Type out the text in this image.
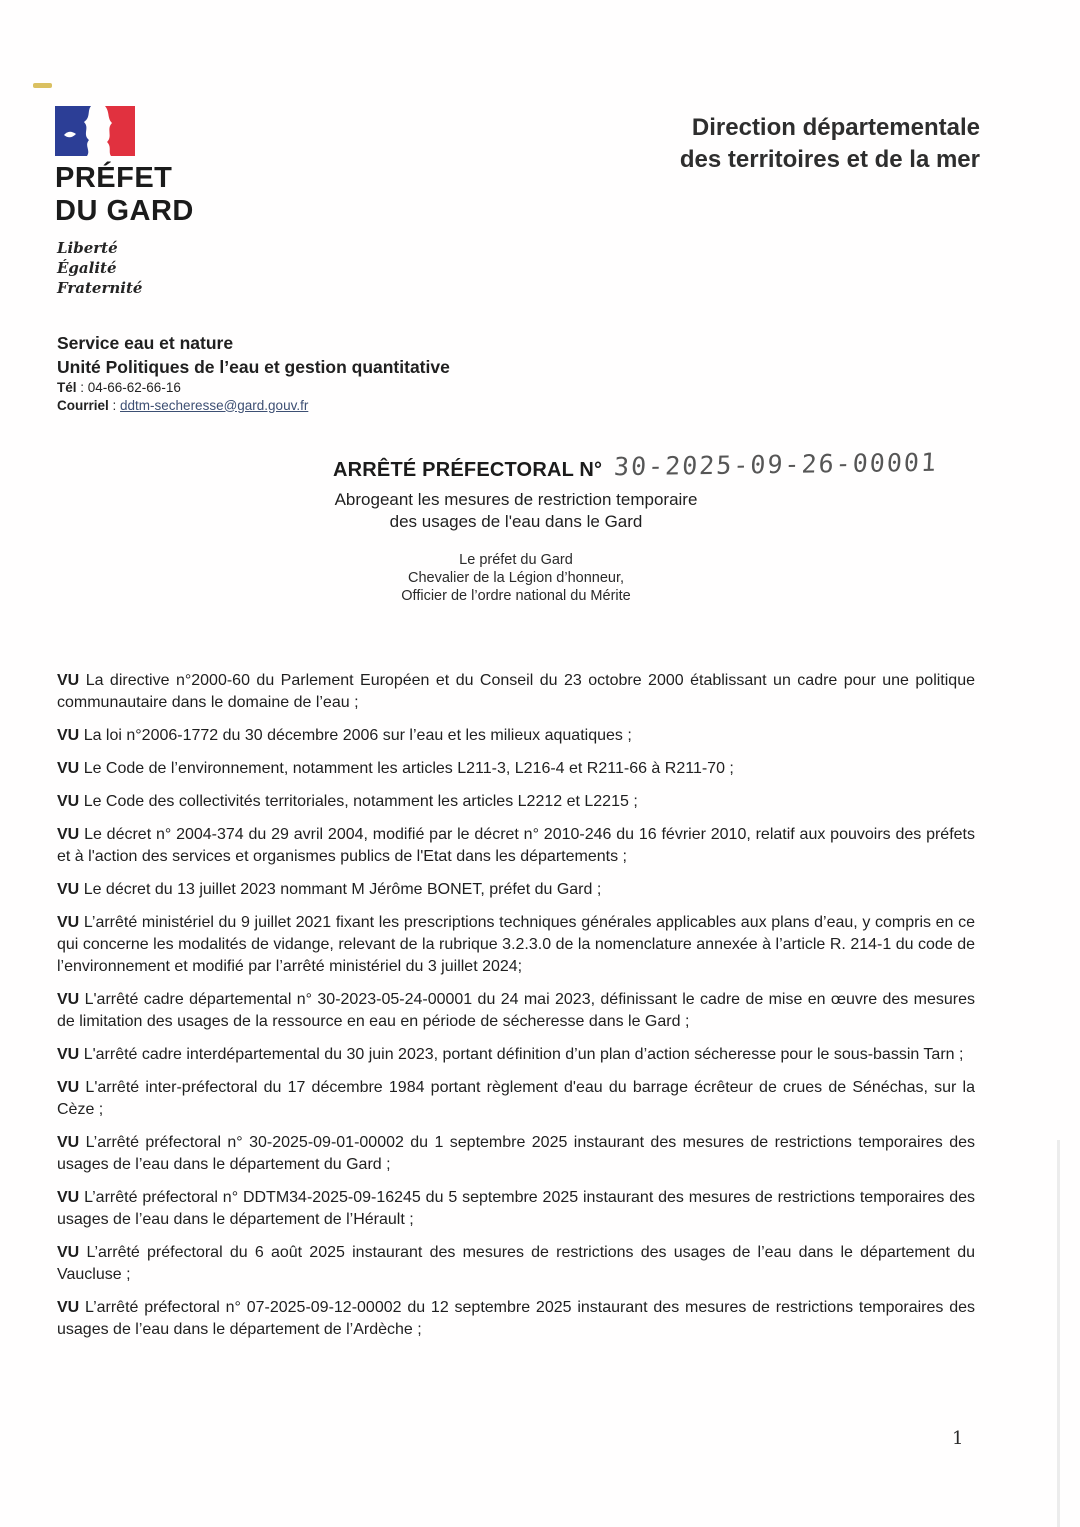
PRÉFET
DU GARD
Liberté
Égalité
Fraternité
Direction départementale
des territoires et de la mer
Service eau et nature
Unité Politiques de l’eau et gestion quantitative
Tél : 04-66-62-66-16
Courriel : ddtm-secheresse@gard.gouv.fr
ARRÊTÉ PRÉFECTORAL N° 30-2025-09-26-00001
Abrogeant les mesures de restriction temporaire
des usages de l'eau dans le Gard
Le préfet du Gard
Chevalier de la Légion d’honneur,
Officier de l’ordre national du Mérite

VU La directive n°2000-60 du Parlement Européen et du Conseil du 23 octobre 2000 établissant un cadre pour une politique communautaire dans le domaine de l’eau ;

VU La loi n°2006-1772 du 30 décembre 2006 sur l’eau et les milieux aquatiques ;

VU Le Code de l’environnement, notamment les articles L211-3, L216-4 et R211-66 à R211-70 ;

VU Le Code des collectivités territoriales, notamment les articles L2212 et L2215 ;

VU Le décret n° 2004-374 du 29 avril 2004, modifié par le décret n° 2010-246 du 16 février 2010, relatif aux pouvoirs des préfets et à l'action des services et organismes publics de l'Etat dans les départements ;

VU Le décret du 13 juillet 2023 nommant M Jérôme BONET, préfet du Gard ;

VU L’arrêté ministériel du 9 juillet 2021 fixant les prescriptions techniques générales applicables aux plans d’eau, y compris en ce qui concerne les modalités de vidange, relevant de la rubrique 3.2.3.0 de la nomenclature annexée à l’article R. 214-1 du code de l’environnement et modifié par l’arrêté ministériel du 3 juillet 2024;

VU L'arrêté cadre départemental n° 30-2023-05-24-00001 du 24 mai 2023, définissant le cadre de mise en œuvre des mesures de limitation des usages de la ressource en eau en période de sécheresse dans le Gard ;

VU L'arrêté cadre interdépartemental du 30 juin 2023, portant définition d’un plan d’action sécheresse pour le sous-bassin Tarn ;

VU L'arrêté inter-préfectoral du 17 décembre 1984 portant règlement d'eau du barrage écrêteur de crues de Sénéchas, sur la Cèze ;

VU L’arrêté préfectoral n° 30-2025-09-01-00002 du 1 septembre 2025 instaurant des mesures de restrictions temporaires des usages de l’eau dans le département du Gard ;

VU L’arrêté préfectoral n° DDTM34-2025-09-16245 du 5 septembre 2025 instaurant des mesures de restrictions temporaires des usages de l’eau dans le département de l’Hérault ;

VU L’arrêté préfectoral du 6 août 2025 instaurant des mesures de restrictions des usages de l’eau dans le département du Vaucluse ;

VU L’arrêté préfectoral n° 07-2025-09-12-00002 du 12 septembre 2025 instaurant des mesures de restrictions temporaires des usages de l’eau dans le département de l’Ardèche ;

1
